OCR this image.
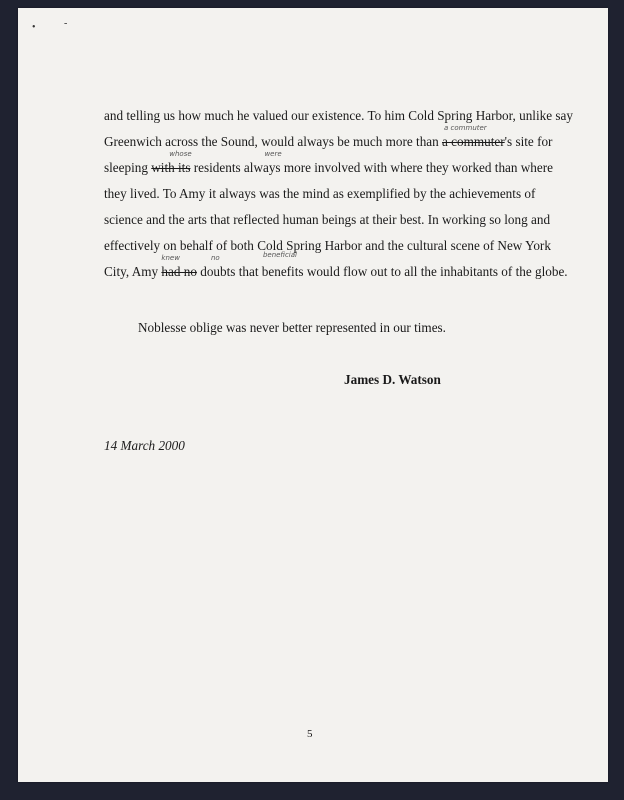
•	-
and telling us how much he valued our existence. To him Cold Spring Harbor, unlike say
Greenwich across the Sound, would always be much more than a commuter
a commuter
's site for
sleeping with its
whose
residents always more involved with where they worked than where
were
they lived. To Amy it always was the mind as exemplified by the achievements of
science and the arts that reflected human beings at their best. In working so long and
effectively on behalf of both Cold Spring Harbor and the cultural scene of New York
City, Amy had no
knew
doubts that benefits would flow out to all the inhabitants of the globe.
no	beneficial
Noblesse oblige was never better represented in our times.
James D. Watson
14 March 2000
5
